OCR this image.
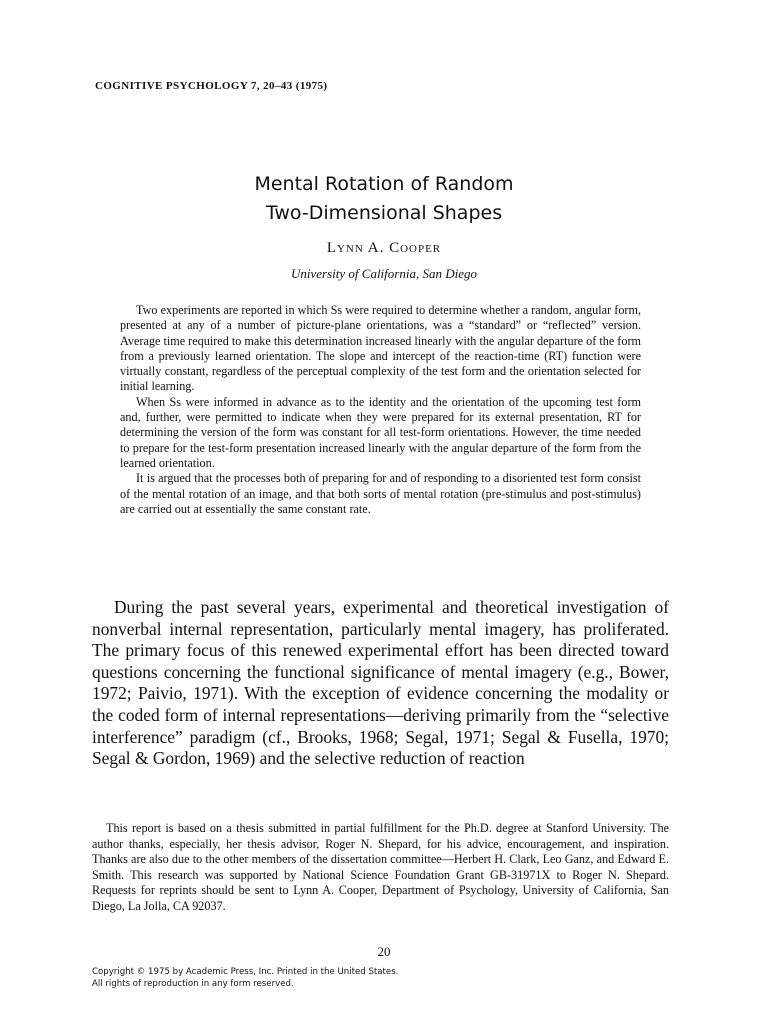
COGNITIVE PSYCHOLOGY 7, 20–43 (1975)
Mental Rotation of Random
Two-Dimensional Shapes
Lynn A. Cooper
University of California, San Diego

Two experiments are reported in which Ss were required to determine whether a random, angular form, presented at any of a number of picture-plane orientations, was a “standard” or “reflected” version. Average time required to make this determination increased linearly with the angular departure of the form from a previously learned orientation. The slope and intercept of the reaction-time (RT) function were virtually constant, regardless of the perceptual complexity of the test form and the orientation selected for initial learning.

When Ss were informed in advance as to the identity and the orientation of the upcoming test form and, further, were permitted to indicate when they were prepared for its external presentation, RT for determining the version of the form was constant for all test-form orientations. However, the time needed to prepare for the test-form presentation increased linearly with the angular departure of the form from the learned orientation.

It is argued that the processes both of preparing for and of responding to a disoriented test form consist of the mental rotation of an image, and that both sorts of mental rotation (pre-stimulus and post-stimulus) are carried out at essentially the same constant rate.

During the past several years, experimental and theoretical investigation of nonverbal internal representation, particularly mental imagery, has proliferated. The primary focus of this renewed experimental effort has been directed toward questions concerning the functional significance of mental imagery (e.g., Bower, 1972; Paivio, 1971). With the exception of evidence concerning the modality or the coded form of internal representations—deriving primarily from the “selective interference” paradigm (cf., Brooks, 1968; Segal, 1971; Segal & Fusella, 1970; Segal & Gordon, 1969) and the selective reduction of reaction

This report is based on a thesis submitted in partial fulfillment for the Ph.D. degree at Stanford University. The author thanks, especially, her thesis advisor, Roger N. Shepard, for his advice, encouragement, and inspiration. Thanks are also due to the other members of the dissertation committee—Herbert H. Clark, Leo Ganz, and Edward E. Smith. This research was supported by National Science Foundation Grant GB-31971X to Roger N. Shepard. Requests for reprints should be sent to Lynn A. Cooper, Department of Psychology, University of California, San Diego, La Jolla, CA 92037.

20
Copyright © 1975 by Academic Press, Inc. Printed in the United States.
All rights of reproduction in any form reserved.
